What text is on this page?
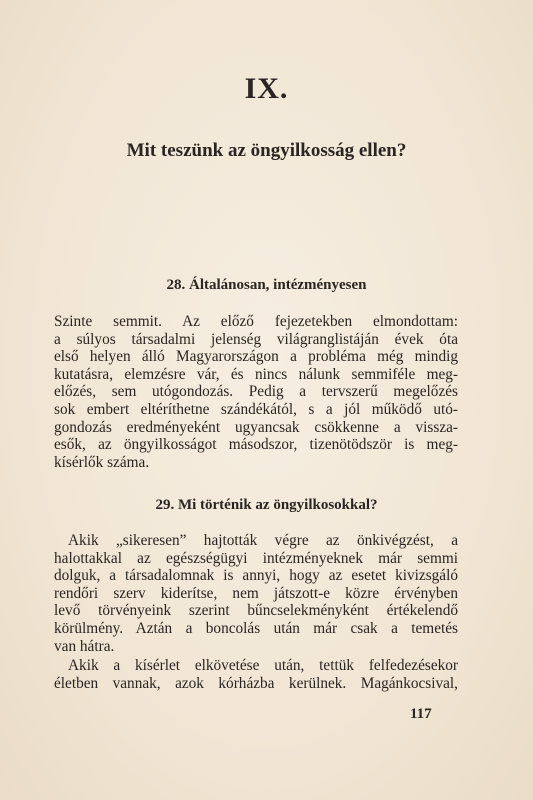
IX.
Mit teszünk az öngyilkosság ellen?
28. Általánosan, intézményesen
Szinte semmit. Az előző fejezetekben elmondottam:
a súlyos társadalmi jelenség világranglistáján évek óta
első helyen álló Magyarországon a probléma még mindig
kutatásra, elemzésre vár, és nincs nálunk semmiféle meg-
előzés, sem utógondozás. Pedig a tervszerű megelőzés
sok embert eltéríthetne szándékától, s a jól működő utó-
gondozás eredményeként ugyancsak csökkenne a vissza-
esők, az öngyilkosságot másodszor, tizenötödször is meg-
kísérlők száma.
29. Mi történik az öngyilkosokkal?
Akik „sikeresen” hajtották végre az önkivégzést, a
halottakkal az egészségügyi intézményeknek már semmi
dolguk, a társadalomnak is annyi, hogy az esetet kivizsgáló
rendőri szerv kiderítse, nem játszott-e közre érvényben
levő törvényeink szerint bűncselekményként értékelendő
körülmény. Aztán a boncolás után már csak a temetés
van hátra.
Akik a kísérlet elkövetése után, tettük felfedezésekor
életben vannak, azok kórházba kerülnek. Magánkocsival,
117
